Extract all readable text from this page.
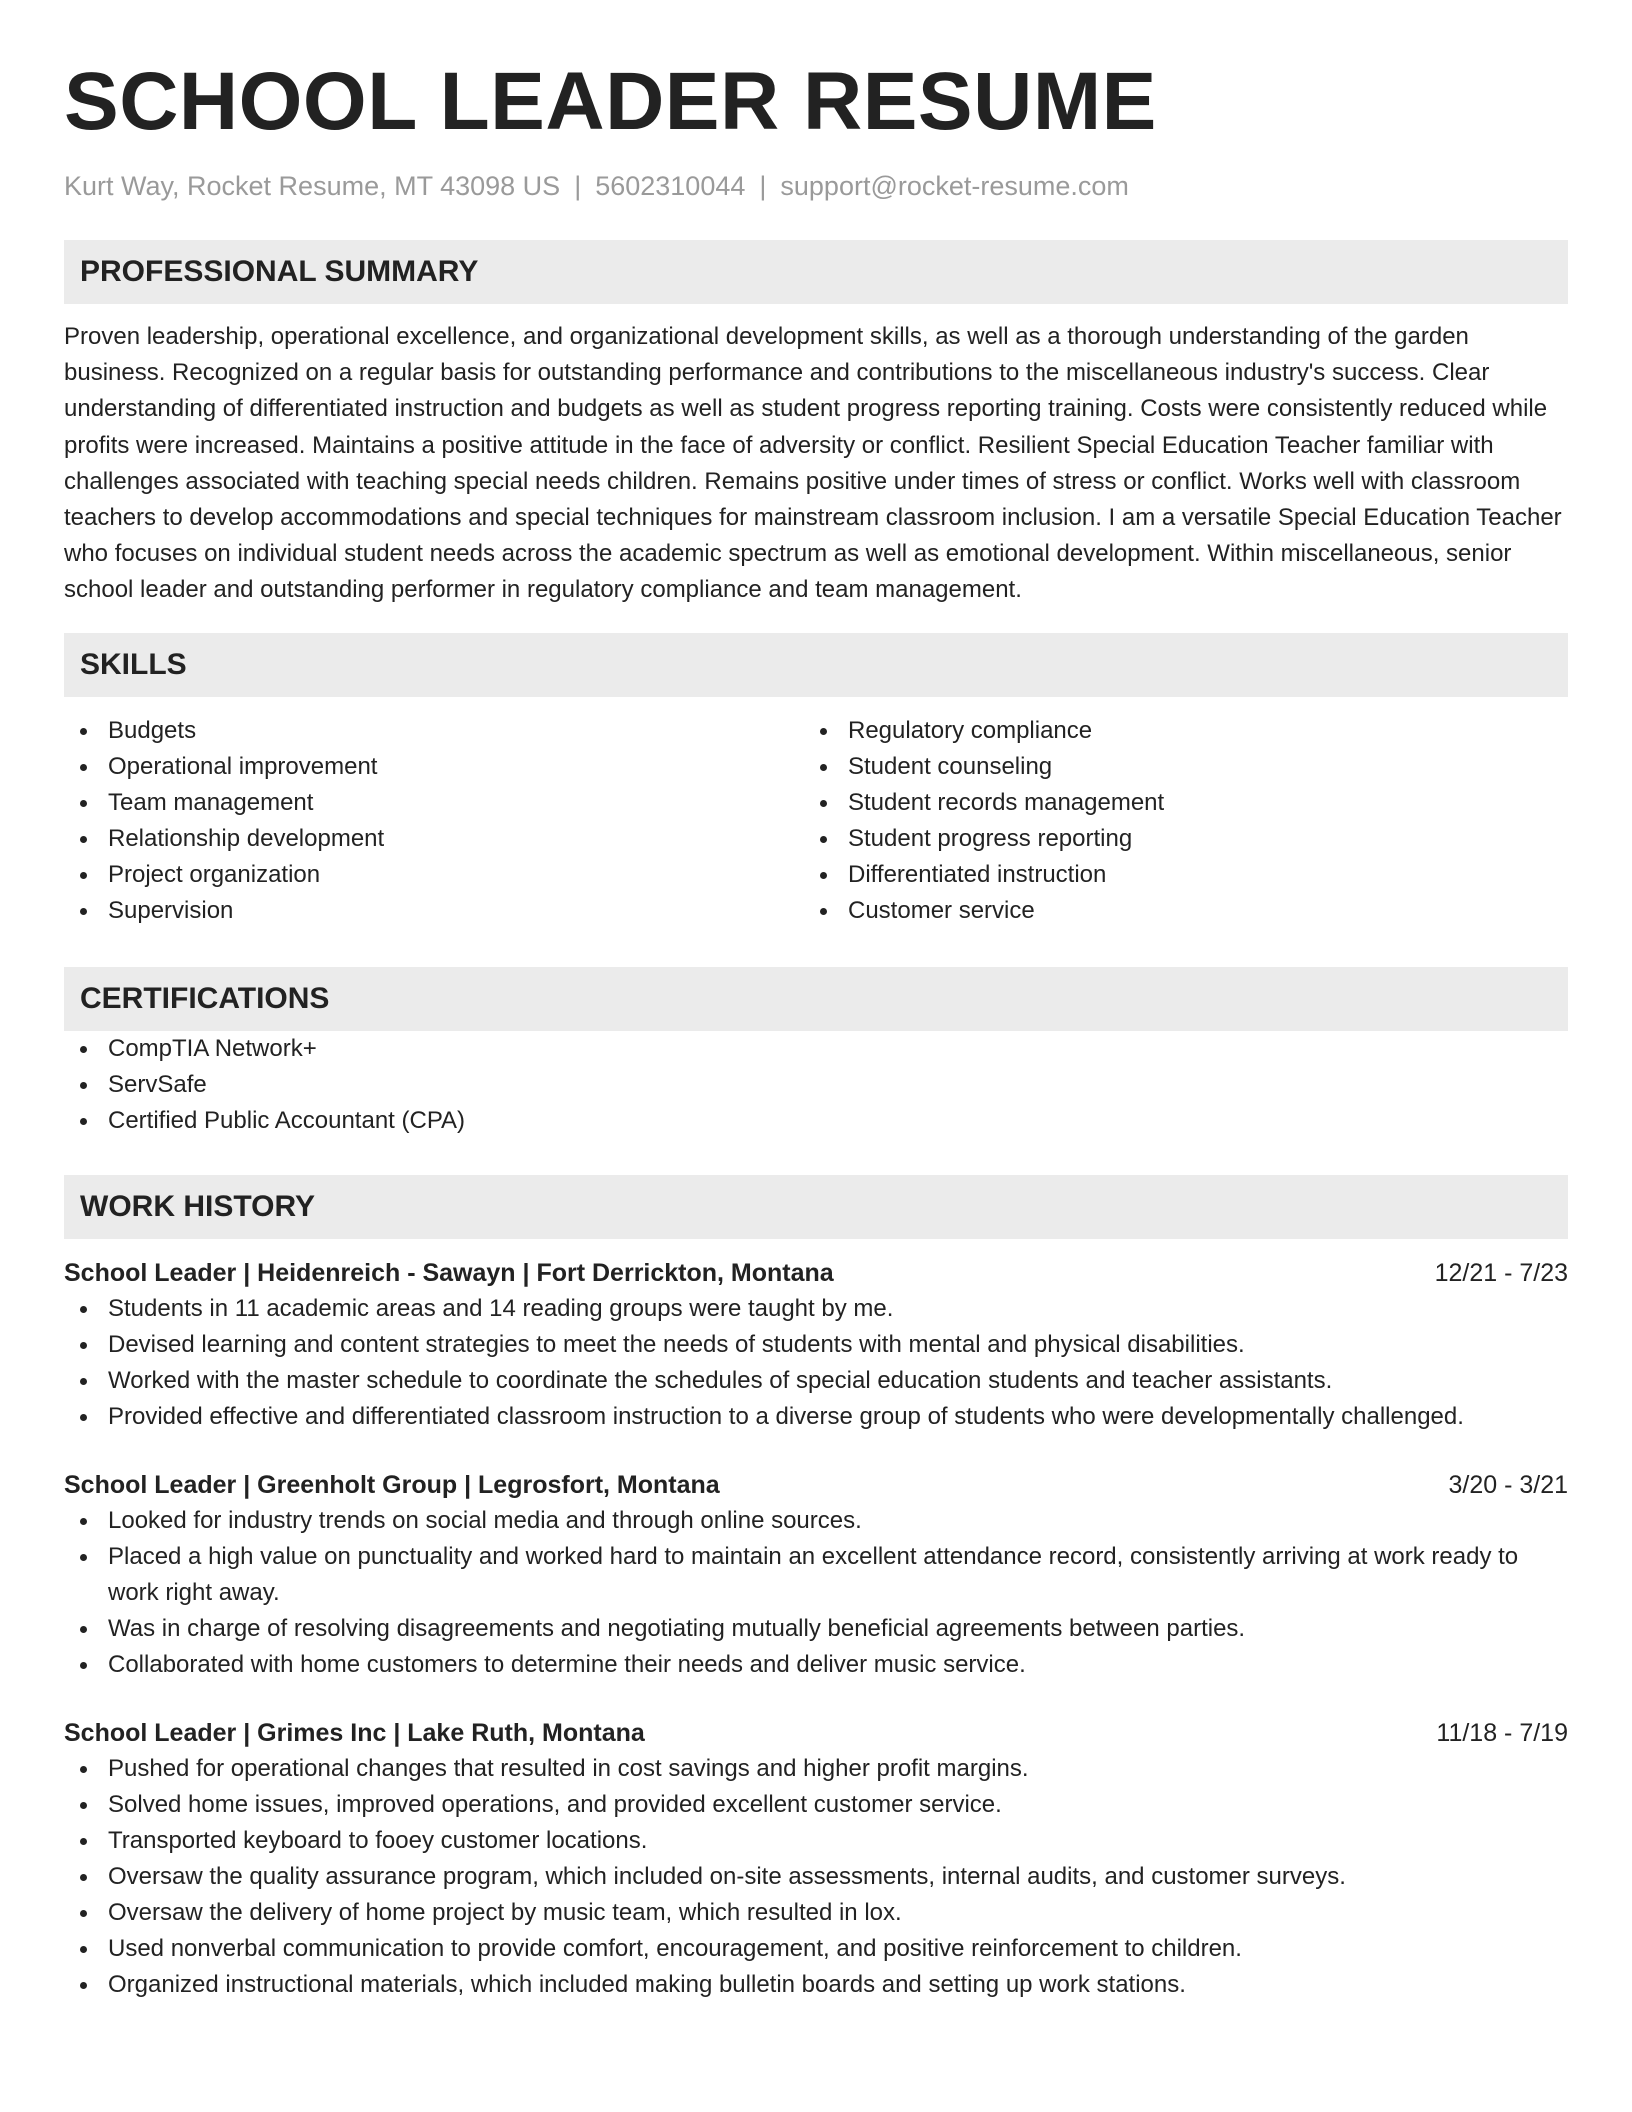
SCHOOL LEADER RESUME
Kurt Way, Rocket Resume, MT 43098 US | 5602310044 | support@rocket-resume.com
PROFESSIONAL SUMMARY

Proven leadership, operational excellence, and organizational development skills, as well as a thorough understanding of the garden business. Recognized on a regular basis for outstanding performance and contributions to the miscellaneous industry's success. Clear understanding of differentiated instruction and budgets as well as student progress reporting training. Costs were consistently reduced while profits were increased. Maintains a positive attitude in the face of adversity or conflict. Resilient Special Education Teacher familiar with challenges associated with teaching special needs children. Remains positive under times of stress or conflict. Works well with classroom teachers to develop accommodations and special techniques for mainstream classroom inclusion. I am a versatile Special Education Teacher who focuses on individual student needs across the academic spectrum as well as emotional development. Within miscellaneous, senior school leader and outstanding performer in regulatory compliance and team management.

SKILLS
Budgets
Operational improvement
Team management
Relationship development
Project organization
Supervision
Regulatory compliance
Student counseling
Student records management
Student progress reporting
Differentiated instruction
Customer service
CERTIFICATIONS
CompTIA Network+
ServSafe
Certified Public Accountant (CPA)
WORK HISTORY
School Leader | Heidenreich - Sawayn | Fort Derrickton, Montana	12/21 - 7/23
Students in 11 academic areas and 14 reading groups were taught by me.
Devised learning and content strategies to meet the needs of students with mental and physical disabilities.
Worked with the master schedule to coordinate the schedules of special education students and teacher assistants.
Provided effective and differentiated classroom instruction to a diverse group of students who were developmentally challenged.
School Leader | Greenholt Group | Legrosfort, Montana	3/20 - 3/21
Looked for industry trends on social media and through online sources.
Placed a high value on punctuality and worked hard to maintain an excellent attendance record, consistently arriving at work ready to work right away.
Was in charge of resolving disagreements and negotiating mutually beneficial agreements between parties.
Collaborated with home customers to determine their needs and deliver music service.
School Leader | Grimes Inc | Lake Ruth, Montana	11/18 - 7/19
Pushed for operational changes that resulted in cost savings and higher profit margins.
Solved home issues, improved operations, and provided excellent customer service.
Transported keyboard to fooey customer locations.
Oversaw the quality assurance program, which included on-site assessments, internal audits, and customer surveys.
Oversaw the delivery of home project by music team, which resulted in lox.
Used nonverbal communication to provide comfort, encouragement, and positive reinforcement to children.
Organized instructional materials, which included making bulletin boards and setting up work stations.
